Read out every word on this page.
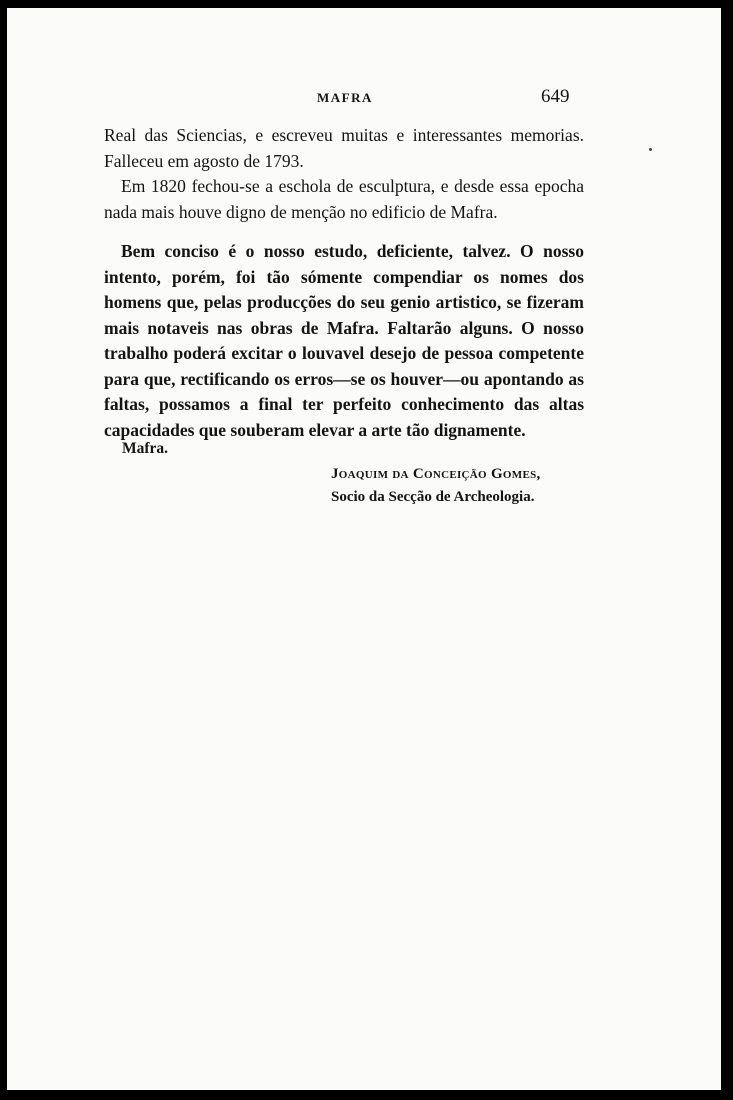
MAFRA	649

Real das Sciencias, e escreveu muitas e interessantes memorias. Falleceu em agosto de 1793.

Em 1820 fechou-se a eschola de esculptura, e desde essa epocha nada mais houve digno de menção no edificio de Mafra.

Bem conciso é o nosso estudo, deficiente, talvez. O nosso intento, porém, foi tão sómente compendiar os nomes dos homens que, pelas producções do seu genio artistico, se fizeram mais notaveis nas obras de Mafra. Faltarão alguns. O nosso trabalho poderá excitar o louvavel desejo de pessoa competente para que, rectificando os erros—se os houver—ou apontando as faltas, possamos a final ter perfeito conhecimento das altas capacidades que souberam elevar a arte tão dignamente.

Mafra.
Joaquim da Conceição Gomes,
Socio da Secção de Archeologia.
